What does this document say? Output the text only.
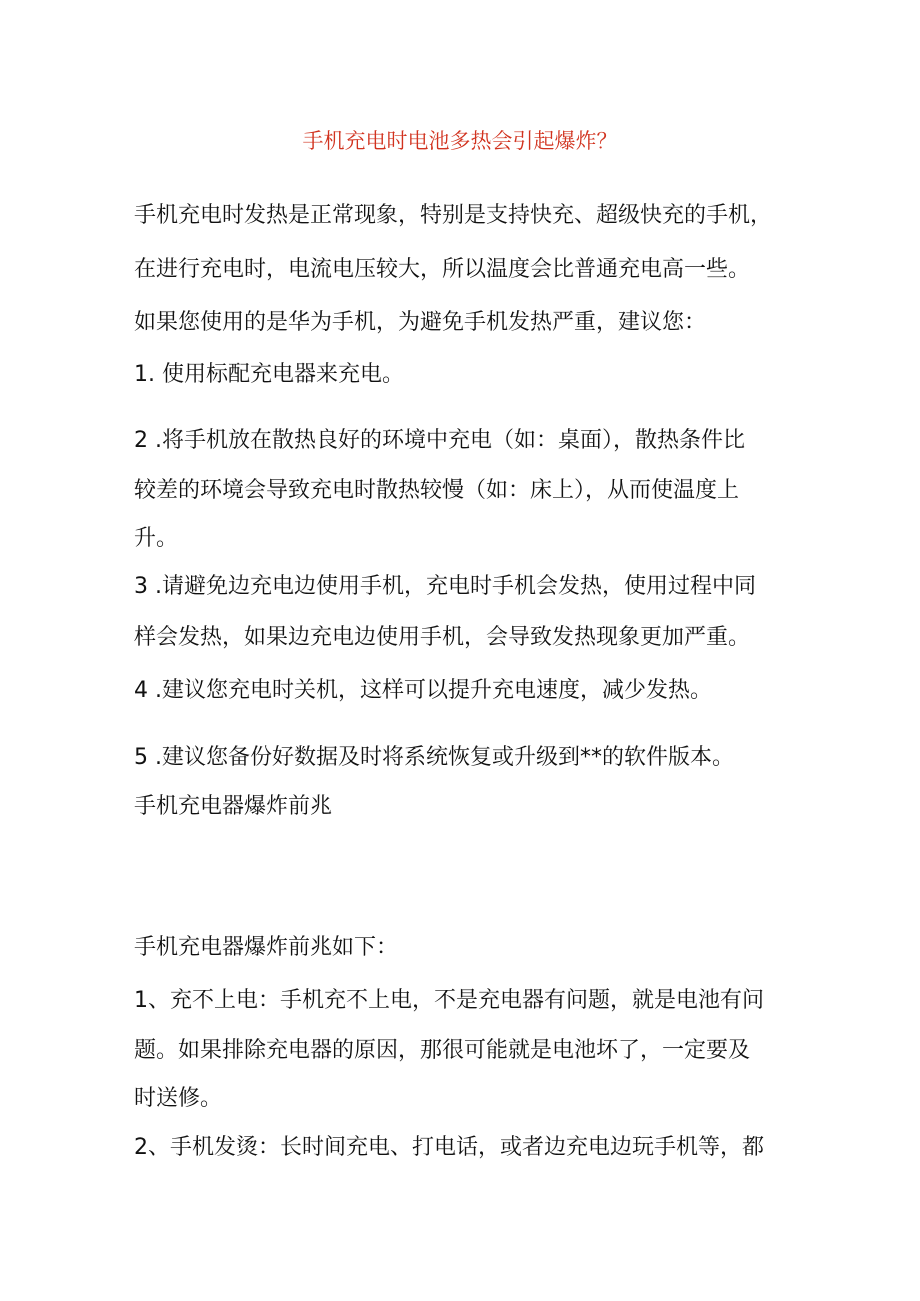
手机充电时电池多热会引起爆炸？

手机充电时发热是正常现象，特别是支持快充、超级快充的手机，

在进行充电时，电流电压较大，所以温度会比普通充电高一些。

如果您使用的是华为手机，为避免手机发热严重，建议您：

1. 使用标配充电器来充电。

2 .将手机放在散热良好的环境中充电（如：桌面），散热条件比

较差的环境会导致充电时散热较慢（如：床上），从而使温度上

升。

3 .请避免边充电边使用手机，充电时手机会发热，使用过程中同

样会发热，如果边充电边使用手机，会导致发热现象更加严重。

4 .建议您充电时关机，这样可以提升充电速度，减少发热。

5 .建议您备份好数据及时将系统恢复或升级到**的软件版本。

手机充电器爆炸前兆

手机充电器爆炸前兆如下：

1、充不上电：手机充不上电，不是充电器有问题，就是电池有问

题。如果排除充电器的原因，那很可能就是电池坏了，一定要及

时送修。

2、手机发烫：长时间充电、打电话，或者边充电边玩手机等，都
